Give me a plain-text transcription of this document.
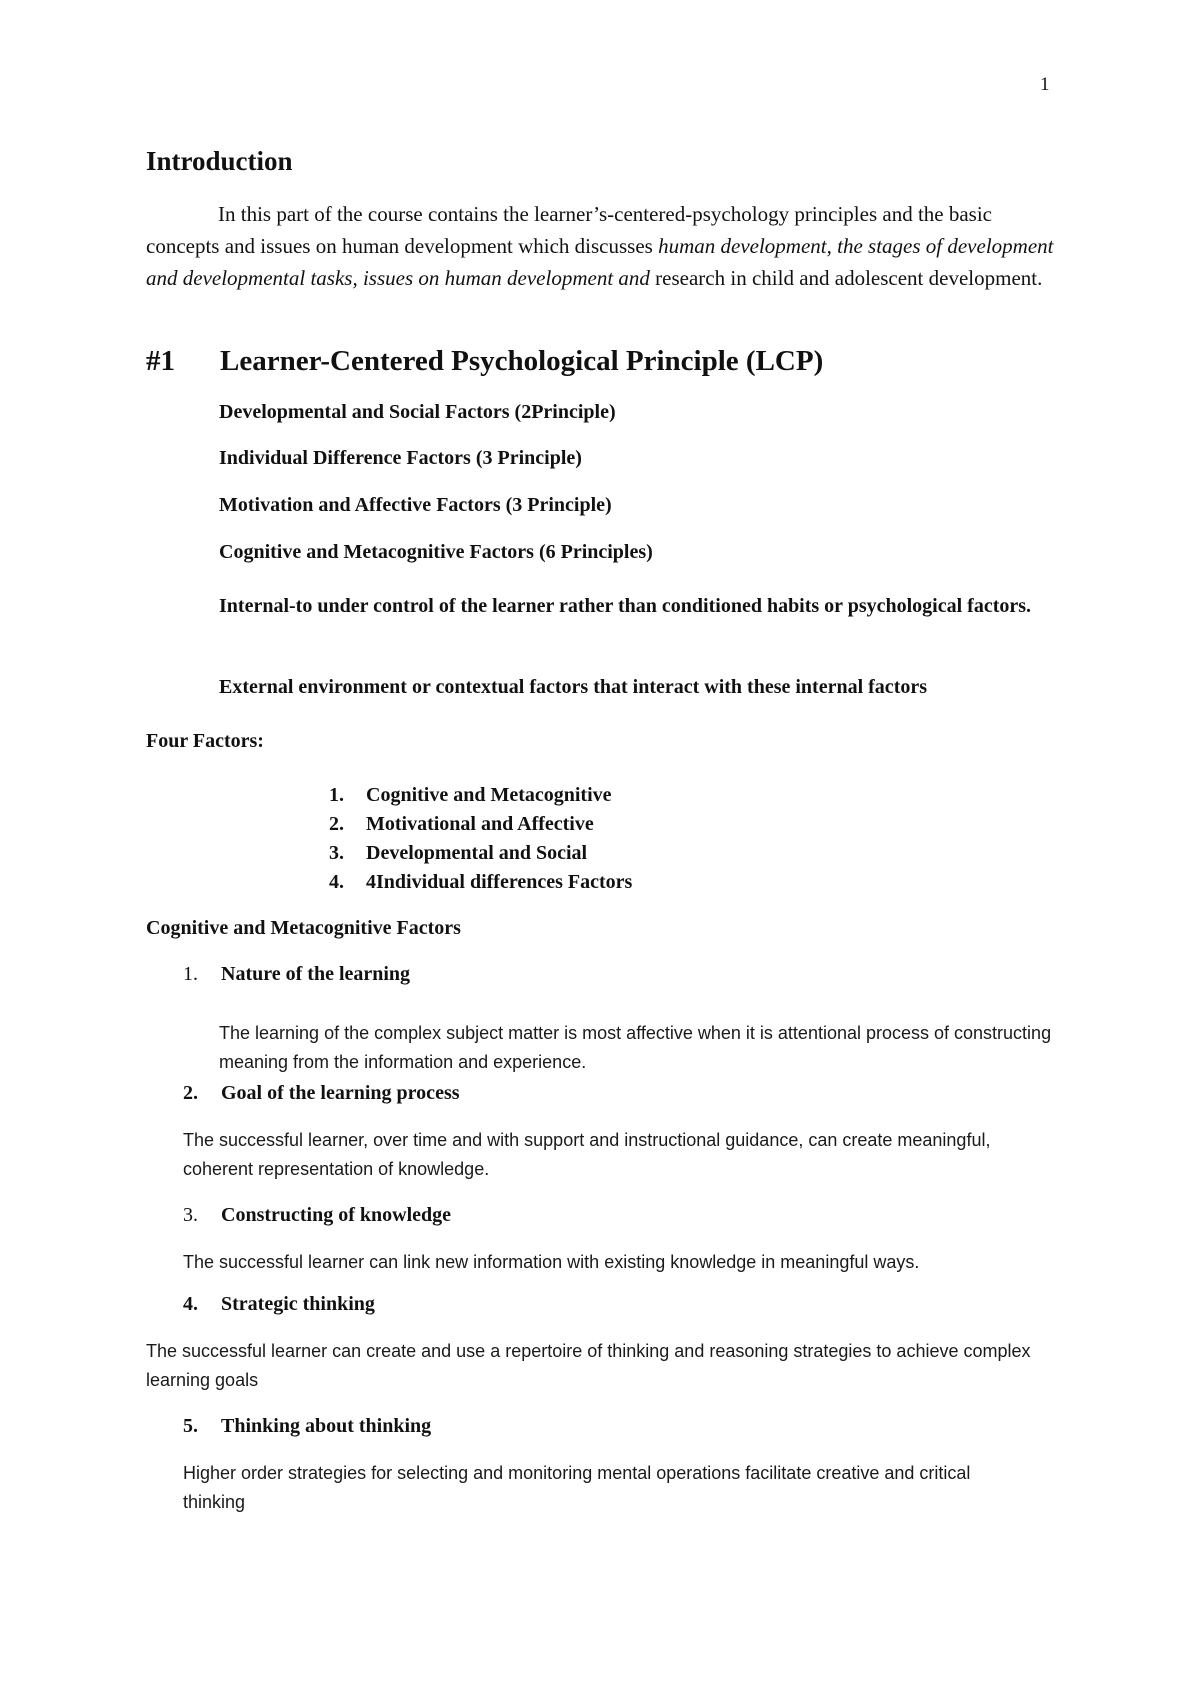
1
Introduction

In this part of the course contains the learner’s-centered-psychology principles and the basic concepts and issues on human development which discusses human development, the stages of development and developmental tasks, issues on human development and research in child and adolescent development.

#1 Learner-Centered Psychological Principle (LCP)

Developmental and Social Factors (2Principle)

Individual Difference Factors (3 Principle)

Motivation and Affective Factors (3 Principle)

Cognitive and Metacognitive Factors (6 Principles)

Internal-to under control of the learner rather than conditioned habits or psychological factors.

External environment or contextual factors that interact with these internal factors

Four Factors:

1. Cognitive and Metacognitive
2. Motivational and Affective
3. Developmental and Social
4. 4Individual differences Factors

Cognitive and Metacognitive Factors

1. Nature of the learning

The learning of the complex subject matter is most affective when it is attentional process of constructing meaning from the information and experience.

2. Goal of the learning process

The successful learner, over time and with support and instructional guidance, can create meaningful, coherent representation of knowledge.

3. Constructing of knowledge

The successful learner can link new information with existing knowledge in meaningful ways.

4. Strategic thinking

The successful learner can create and use a repertoire of thinking and reasoning strategies to achieve complex learning goals

5. Thinking about thinking

Higher order strategies for selecting and monitoring mental operations facilitate creative and critical thinking
